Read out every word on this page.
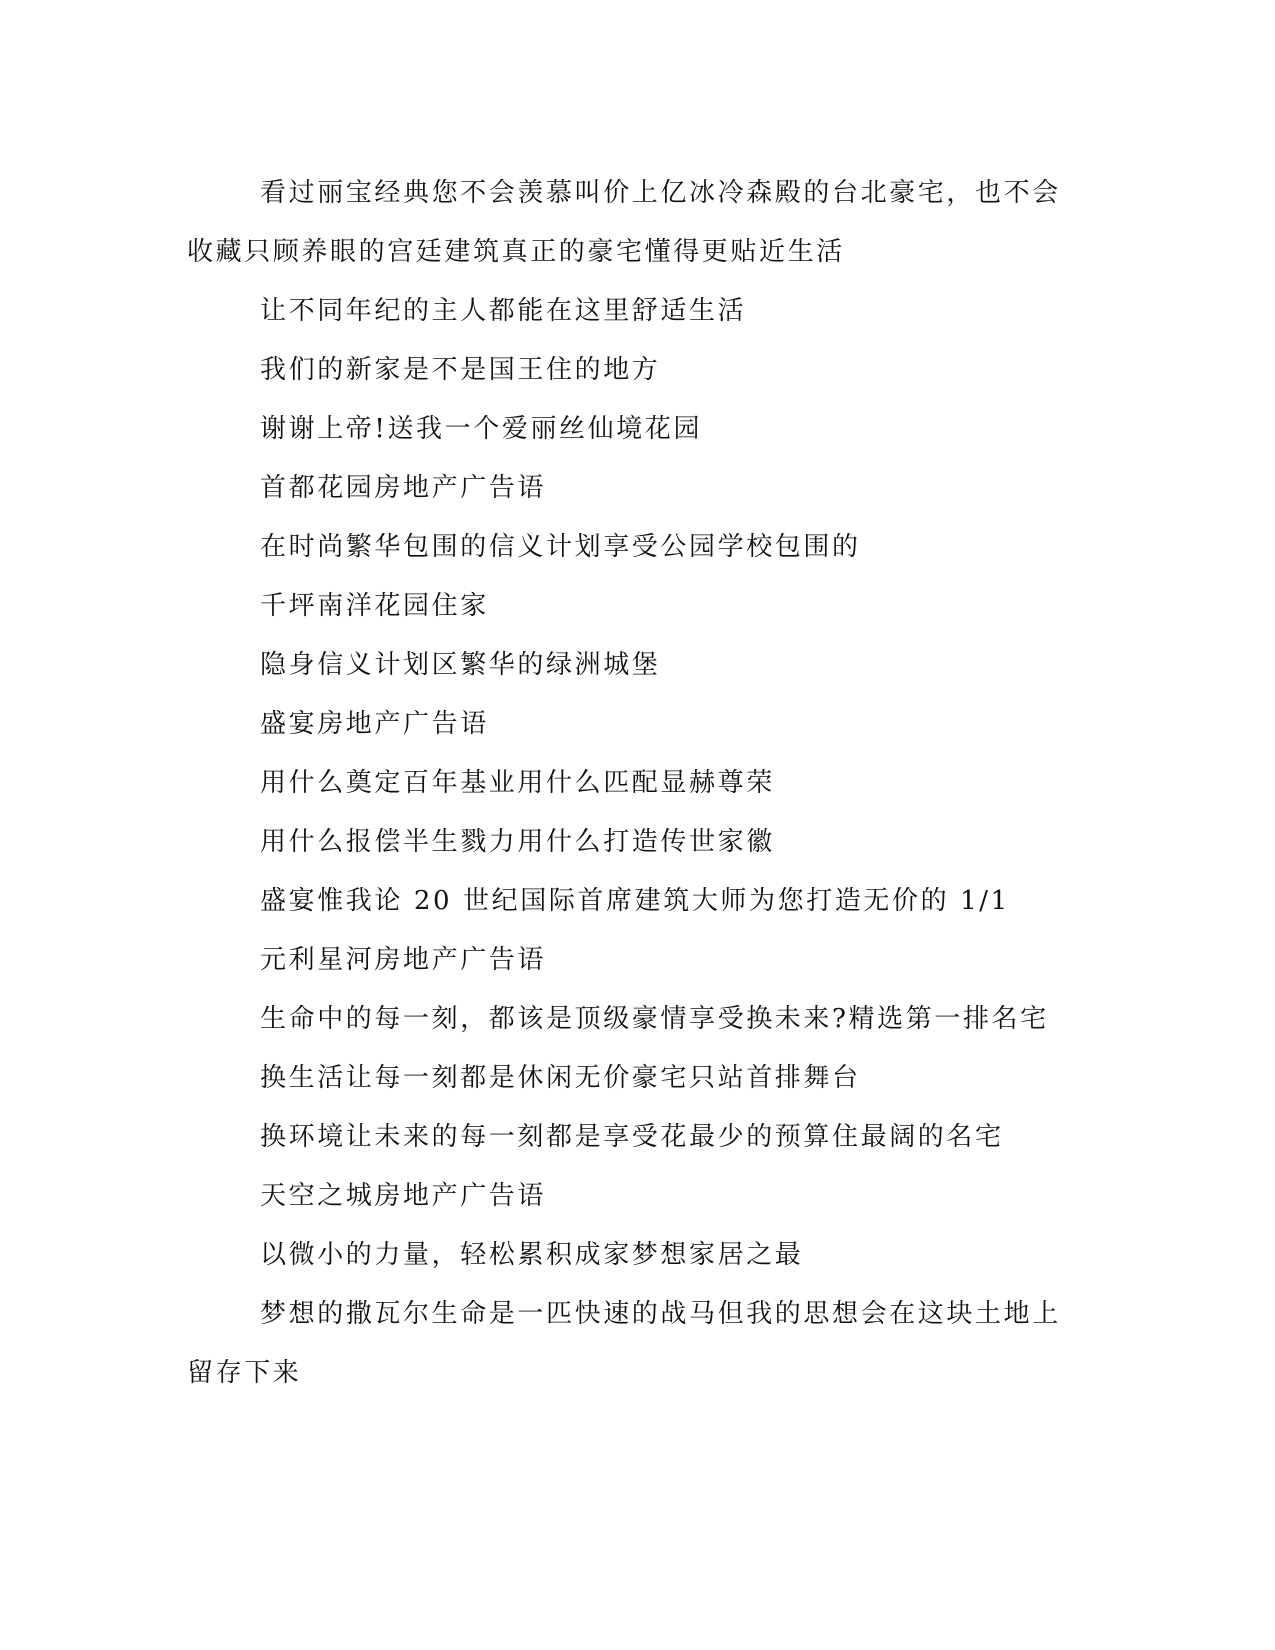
看过丽宝经典您不会羡慕叫价上亿冰冷森殿的台北豪宅，也不会收藏只顾养眼的宫廷建筑真正的豪宅懂得更贴近生活

让不同年纪的主人都能在这里舒适生活

我们的新家是不是国王住的地方

谢谢上帝!送我一个爱丽丝仙境花园

首都花园房地产广告语

在时尚繁华包围的信义计划享受公园学校包围的

千坪南洋花园住家

隐身信义计划区繁华的绿洲城堡

盛宴房地产广告语

用什么奠定百年基业用什么匹配显赫尊荣

用什么报偿半生戮力用什么打造传世家徽

盛宴惟我论 20 世纪国际首席建筑大师为您打造无价的 1/1

元利星河房地产广告语

生命中的每一刻，都该是顶级豪情享受换未来?精选第一排名宅

换生活让每一刻都是休闲无价豪宅只站首排舞台

换环境让未来的每一刻都是享受花最少的预算住最阔的名宅

天空之城房地产广告语

以微小的力量，轻松累积成家梦想家居之最

梦想的撒瓦尔生命是一匹快速的战马但我的思想会在这块土地上留存下来
